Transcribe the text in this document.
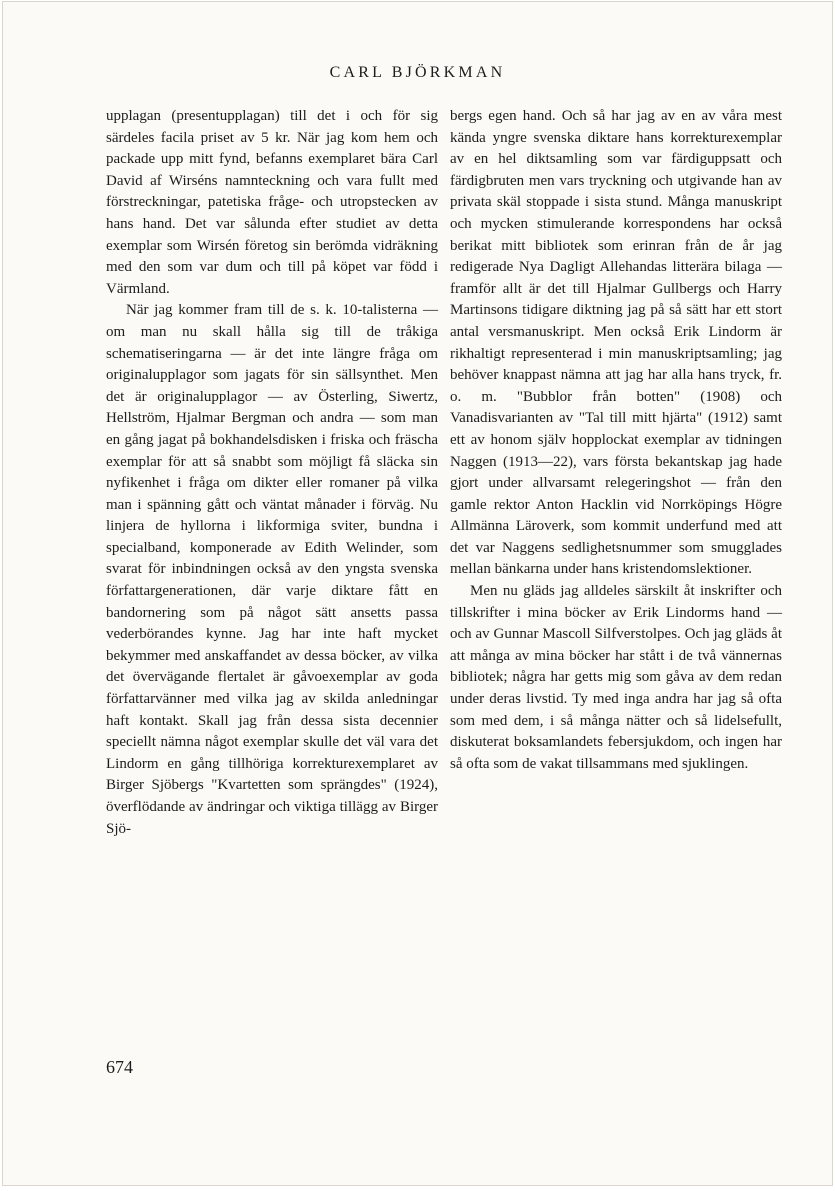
CARL BJÖRKMAN

upplagan (presentupplagan) till det i och för sig särdeles facila priset av 5 kr. När jag kom hem och packade upp mitt fynd, befanns exemplaret bära Carl David af Wirséns namnteckning och vara fullt med förstreckningar, patetiska fråge- och utropstecken av hans hand. Det var sålunda efter studiet av detta exemplar som Wirsén företog sin berömda vidräkning med den som var dum och till på köpet var född i Värmland.

När jag kommer fram till de s. k. 10-talisterna — om man nu skall hålla sig till de tråkiga schematiseringarna — är det inte längre fråga om originalupplagor som jagats för sin sällsynthet. Men det är originalupplagor — av Österling, Siwertz, Hellström, Hjalmar Bergman och andra — som man en gång jagat på bokhandelsdisken i friska och fräscha exemplar för att så snabbt som möjligt få släcka sin nyfikenhet i fråga om dikter eller romaner på vilka man i spänning gått och väntat månader i förväg. Nu linjera de hyllorna i likformiga sviter, bundna i specialband, komponerade av Edith Welinder, som svarat för inbindningen också av den yngsta svenska författargenerationen, där varje diktare fått en bandornering som på något sätt ansetts passa vederbörandes kynne. Jag har inte haft mycket bekymmer med anskaffandet av dessa böcker, av vilka det övervägande flertalet är gåvoexemplar av goda författarvänner med vilka jag av skilda anledningar haft kontakt. Skall jag från dessa sista decennier speciellt nämna något exemplar skulle det väl vara det Lindorm en gång tillhöriga korrekturexemplaret av Birger Sjöbergs "Kvartetten som sprängdes" (1924), överflödande av ändringar och viktiga tillägg av Birger Sjö-

bergs egen hand. Och så har jag av en av våra mest kända yngre svenska diktare hans korrekturexemplar av en hel diktsamling som var färdiguppsatt och färdigbruten men vars tryckning och utgivande han av privata skäl stoppade i sista stund. Många manuskript och mycken stimulerande korrespondens har också berikat mitt bibliotek som erinran från de år jag redigerade Nya Dagligt Allehandas litterära bilaga — framför allt är det till Hjalmar Gullbergs och Harry Martinsons tidigare diktning jag på så sätt har ett stort antal versmanuskript. Men också Erik Lindorm är rikhaltigt representerad i min manuskriptsamling; jag behöver knappast nämna att jag har alla hans tryck, fr. o. m. "Bubblor från botten" (1908) och Vanadisvarianten av "Tal till mitt hjärta" (1912) samt ett av honom själv hopplockat exemplar av tidningen Naggen (1913—22), vars första bekantskap jag hade gjort under allvarsamt relegeringshot — från den gamle rektor Anton Hacklin vid Norrköpings Högre Allmänna Läroverk, som kommit underfund med att det var Naggens sedlighetsnummer som smugglades mellan bänkarna under hans kristendomslektioner.

Men nu gläds jag alldeles särskilt åt inskrifter och tillskrifter i mina böcker av Erik Lindorms hand — och av Gunnar Mascoll Silfverstolpes. Och jag gläds åt att många av mina böcker har stått i de två vännernas bibliotek; några har getts mig som gåva av dem redan under deras livstid. Ty med inga andra har jag så ofta som med dem, i så många nätter och så lidelsefullt, diskuterat boksamlandets febersjukdom, och ingen har så ofta som de vakat tillsammans med sjuklingen.

674
